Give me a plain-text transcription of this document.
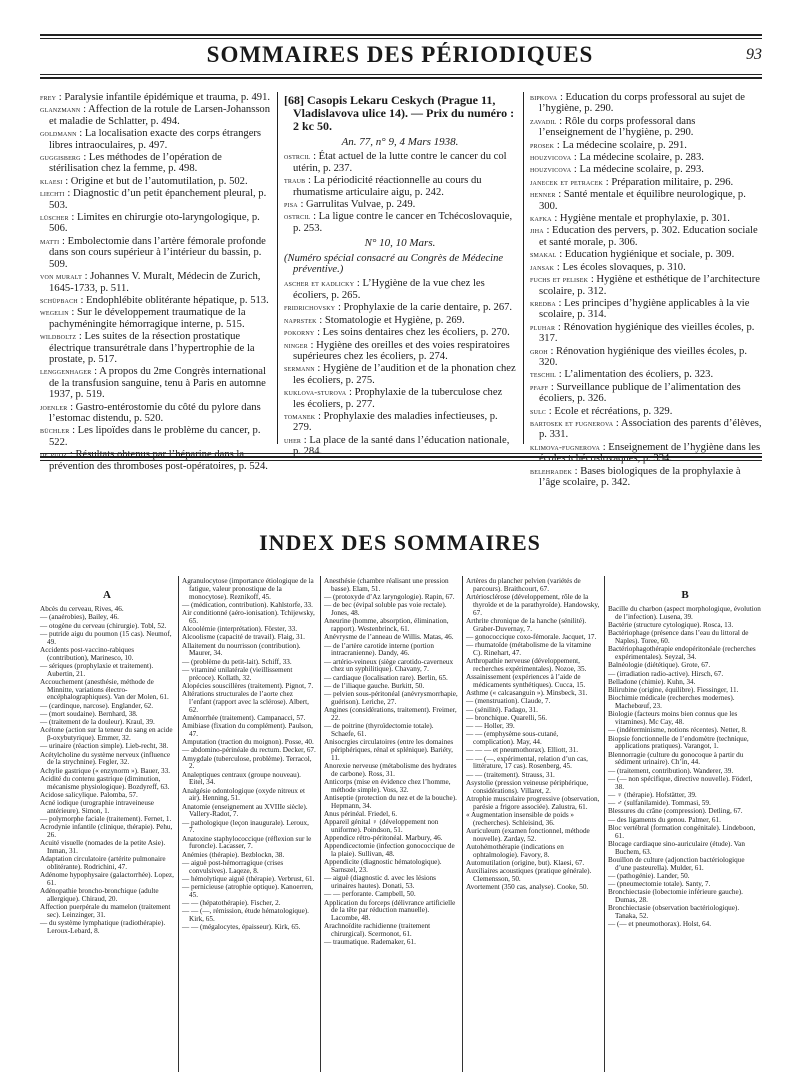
SOMMAIRES DES PÉRIODIQUES	93

frey : Paralysie infantile épidémique et trauma, p. 491.

glanzmann : Affection de la rotule de Larsen-Johansson et maladie de Schlatter, p. 494.

goldmann : La localisation exacte des corps étrangers libres intraoculaires, p. 497.

guggisberg : Les méthodes de l’opération de stérilisation chez la femme, p. 498.

klaesi : Origine et but de l’automutilation, p. 502.

liechti : Diagnostic d’un petit épanchement pleural, p. 503.

lüscher : Limites en chirurgie oto-laryngologique, p. 506.

matti : Embolectomie dans l’artère fémorale profonde dans son cours supérieur à l’intérieur du bassin, p. 509.

von muralt : Johannes V. Muralt, Médecin de Zurich, 1645-1733, p. 511.

schüpbach : Endophlébite oblitérante hépatique, p. 513.

wegelin : Sur le développement traumatique de la pachyméningite hémorragique interne, p. 515.

wildboltz : Les suites de la résection prostatique électrique transurétrale dans l’hypertrophie de la prostate, p. 517.

lenggenhager : A propos du 2me Congrès international de la transfusion sanguine, tenu à Paris en automne 1937, p. 519.

joenler : Gastro-entérostomie du côté du pylore dans l’estomac distendu, p. 520.

büchler : Les lipoïdes dans le problème du cancer, p. 522.

de puoz : Résultats obtenus par l’héparine dans la prévention des thromboses post-opératoires, p. 524.

[68] Casopis Lekaru Ceskych (Prague 11, Vladislavova ulice 14). — Prix du numéro : 2 kc 50.
An. 77, n° 9, 4 Mars 1938.

ostrcil : État actuel de la lutte contre le cancer du col utérin, p. 237.

traub : La périodicité réactionnelle au cours du rhumatisme articulaire aigu, p. 242.

pisa : Garrulitas Vulvae, p. 249.

ostrcil : La ligue contre le cancer en Tchécoslovaquie, p. 253.

N° 10, 10 Mars.
(Numéro spécial consacré au Congrès de Médecine préventive.)

ascher et kadlicky : L’Hygiène de la vue chez les écoliers, p. 265.

fridrichovsky : Prophylaxie de la carie dentaire, p. 267.

naprstek : Stomatologie et Hygiène, p. 269.

pokorny : Les soins dentaires chez les écoliers, p. 270.

ninger : Hygiène des oreilles et des voies respiratoires supérieures chez les écoliers, p. 274.

sermann : Hygiène de l’audition et de la phonation chez les écoliers, p. 275.

kuklova-sturova : Prophylaxie de la tuberculose chez les écoliers, p. 277.

tomanek : Prophylaxie des maladies infectieuses, p. 279.

uher : La place de la santé dans l’éducation nationale, p. 284.

bipkova : Education du corps professoral au sujet de l’hygiène, p. 290.

zavadil : Rôle du corps professoral dans l’enseignement de l’hygiène, p. 290.

prosek : La médecine scolaire, p. 291.

houzvicova : La médecine scolaire, p. 283.

houzvicova : La médecine scolaire, p. 293.

janecek et petracek : Préparation militaire, p. 296.

henner : Santé mentale et équilibre neurologique, p. 300.

kafka : Hygiène mentale et prophylaxie, p. 301.

jiha : Education des pervers, p. 302. Education sociale et santé morale, p. 306.

smakal : Education hygiénique et sociale, p. 309.

jansak : Les écoles slovaques, p. 310.

fuchs et pelisek : Hygiène et esthétique de l’architecture scolaire, p. 312.

kredba : Les principes d’hygiène applicables à la vie scolaire, p. 314.

pluhar : Rénovation hygiénique des vieilles écoles, p. 317.

groh : Rénovation hygiénique des vieilles écoles, p. 320.

teschil : L’alimentation des écoliers, p. 323.

pfaff : Surveillance publique de l’alimentation des écoliers, p. 326.

sulc : Ecole et récréations, p. 329.

bartosek et fugnerova : Association des parents d’élèves, p. 331.

klimova-fugnerova : Enseignement de l’hygiène dans les écoles tchécoslovaques, p. 334.

belehradek : Bases biologiques de la prophylaxie à l’âge scolaire, p. 342.

INDEX DES SOMMAIRES
A

Abcès du cerveau, Rives, 46.

— (anaérobies), Bailey, 46.

— otogène du cerveau (chirurgie). Tobl, 52.

— putride aigu du poumon (15 cas). Neumof, 49.

Accidents post-vaccino-rabiques (contribution), Marinesco, 10.

— sériques (prophylaxie et traitement). Aubertin, 21.

Accouchement (anesthésie, méthode de Minnitte, variations électro-encéphalographiques). Van der Molen, 61.

— (cardinque, narcose). Englander, 62.

— (mort soudaine). Bernhard, 38.

— (traitement de la douleur). Kraul, 39.

Acétone (action sur la teneur du sang en acide β-oxybutyrique). Emmer, 32.

— urinaire (réaction simple). Lieb-recht, 38.

Acétylcholine du système nerveux (influence de la strychnine). Fegler, 32.

Achylie gastrique (« enzynorm »). Bauer, 33.

Acidité du contenu gastrique (diminution, mécanisme physiologique). Bozdyreff, 63.

Acidose salicylique. Palomba, 57.

Acné iodique (urographie intraveineuse antérieure). Simon, 1.

— polymorphe faciale (traitement). Fernet, 1.

Acrodynie infantile (clinique, thérapie). Pehu, 26.

Acuité visuelle (nomades de la petite Asie). Inman, 31.

Adaptation circulatoire (artérite pulmonaire oblitérante). Rodrichini, 47.

Adénome hypophysaire (galactorrhée). Lopez, 61.

Adénopathie broncho-bronchique (adulte allergique). Chiraud, 20.

Affection puerpérale du mamelon (traitement sec). Leinzinger, 31.

— du système lymphatique (radiothérapie). Leroux-Lebard, 8.

Agranulocytose (importance étiologique de la fatigue, valeur pronostique de la monocytose). Reznikoff, 45.

— (médication, contribution). Kahlstorfe, 33.

Air conditionné (aéro-ionisation). Tchijewsky, 65.

Alcoolémie (interprétation). Förster, 33.

Alcoolisme (capacité de travail). Flaig, 31.

Allaitement du nourrisson (contribution). Maurer, 34.

— (problème du petit-lait). Schiff, 33.

— vitaminé unilatérale (vieillissement précoce). Kollath, 32.

Alopécies souscillères (traitement). Pignot, 7.

Altérations structurales de l’aorte chez l’enfant (rapport avec la sclérose). Albert, 62.

Aménorrhée (traitement). Campanacci, 57.

Amibiase (fixation du complément). Paulson, 47.

Amputation (traction du moignon). Posse, 40.

— abdomino-périnéale du rectum. Decker, 67.

Amygdale (tuberculose, problème). Terracol, 2.

Analeptiques centraux (groupe nouveau). Eitel, 34.

Analgésie odontologique (oxyde nitreux et air). Henning, 51.

Anatomie (enseignement au XVIIIe siècle). Vallery-Radot, 7.

— pathologique (leçon inaugurale). Leroux, 7.

Anatoxine staphylococcique (réflexion sur le furoncle). Lacasser, 7.

Anémies (thérapie). Bezblockn, 38.

— aiguë post-hémorragique (crises convulsives). Laqeze, 8.

— hémolytique aiguë (thérapie). Verbrust, 61.

— pernicieuse (atrophie optique). Kanoerren, 45.

— — (hépatothérapie). Fischer, 2.

— — (—, rémission, étude hématologique). Kirk, 65.

— — (mégalocytes, épaisseur). Kirk, 65.

Anesthésie (chambre réalisant une pression basse). Elam, 51.

— (protoxyde d’Az laryngologie). Rapin, 67.

— de bec (évipal soluble pas voie rectale). Jones, 48.

Aneurine (homme, absorption, élimination, rapport). Westenbrinck, 61.

Anévrysme de l’anneau de Willis. Matas, 46.

— de l’artère carotide interne (portion intracranienne). Dandy, 46.

— artério-veineux (siège carotido-caverneux chez un syphilitique). Chavany, 7.

— cardiaque (localisation rare). Berlin, 65.

— de l’iliaque gauche. Burkitt, 50.

— pelvien sous-péritonéal (anévrysmorrhapie, guérison). Leriche, 27.

Angines (considérations, traitement). Freimer, 22.

— de poitrine (thyroïdectomie totale). Schaefe, 61.

Anisocrgies circulatoires (entre les domaines périphériques, rénal et splénique). Bariéty, 11.

Anorexie nerveuse (métabolisme des hydrates de carbone). Ross, 31.

Anticorps (mise en évidence chez l’homme, méthode simple). Voss, 32.

Antiseptie (protection du nez et de la bouche). Hepmann, 34.

Anus périnéal. Friedel, 6.

Appareil génital ♀ (développement non uniforme). Poindson, 51.

Appendice rétro-péritonéal. Marbury, 46.

Appendicectomie (infection gonococcique de la plaie). Sullivan, 48.

Appendicite (diagnostic hématologique). Sarnszel, 23.

— aiguë (diagnostic d. avec les lésions urinaires hautes). Donati, 53.

— — perforante. Campbell, 50.

Application du forceps (délivrance artificielle de la tête par réduction manuelle). Lacombe, 48.

Arachnoïdite rachidienne (traitement chirurgical). Scermonot, 61.

— traumatique. Rademaker, 61.

Artères du plancher pelvien (variétés de parcours). Braithcourt, 67.

Artériosclérose (développement, rôle de la thyroïde et de la parathyroïde). Handowsky, 67.

Arthrite chronique de la hanche (sénilité). Graber-Duvernay, 7.

— gonococcique coxo-fémorale. Jacquet, 17.

— rhumatoïde (métabolisme de la vitamine C). Rinehart, 47.

Arthropathie nerveuse (développement, recherches expérimentales). Nozoe, 35.

Assainissement (expériences à l’aide de médicaments synthétiques). Cucca, 15.

Asthme (« calcasanguin »). Minsbeck, 31.

— (menstruation). Claude, 7.

— (sénilité). Fadago, 31.

— bronchique. Quarelli, 56.

— — Holler, 39.

— — (emphysème sous-cutané, complication). May, 44.

— — — et pneumothorax). Elliott, 31.

— — (—, expérimental, relation d’un cas, littérature, 17 cas). Rosenberg, 45.

— — (traitement). Strauss, 31.

Asystolie (pression veineuse périphérique, considérations). Villaret, 2.

Atrophie musculaire progressive (observation, parésie a frigore associée). Zalustra, 61.

« Augmentation insensible de poids » (recherches). Schleisind, 36.

Auriculeum (examen fonctionnel, méthode nouvelle). Zarday, 52.

Autohémothérapie (indications en ophtalmologie). Favory, 8.

Automutilation (origine, but). Klaesi, 67.

Auxiliaires acoustiques (pratique générale). Clemensson, 50.

Avortement (350 cas, analyse). Cooke, 50.

B

Bacille du charbon (aspect morphologique, évolution de l’infection). Lusena, 39.

Bactérie (structure cytologique). Rosca, 13.

Bactériophage (présence dans l’eau du littoral de Naples). Toree, 60.

Bactériophagothérapie endopéritonéale (recherches expérimentales). Seyzal, 34.

Balnéologie (diététique). Grote, 67.

— (irradiation radio-active). Hirsch, 67.

Belladone (chimie). Kuhn, 34.

Bilirubine (origine, équilibre). Fiessinger, 11.

Biochimie médicale (recherches modernes). Machebœuf, 23.

Biologie (facteurs moins bien connus que les vitamines). Mc Cay, 48.

— (indéterminisme, notions récentes). Netter, 8.

Biopsie fonctionnelle de l’endomètre (technique, applications pratiques). Varangot, 1.

Blennorragie (culture du gonocoque à partir du sédiment urinaire). Ch’in, 44.

— (traitement, contribution). Wanderer, 39.

— (— non spécifique, directive nouvelle). Föderl, 38.

— ♀ (thérapie). Hofstätter, 39.

— ♂ (sulfanilamide). Tommasi, 59.

Blessures du crâne (compression). Detling, 67.

— des ligaments du genou. Palmer, 61.

Bloc vertébral (formation congénitale). Lindeboon, 61.

Blocage cardiaque sino-auriculaire (étude). Van Buchem, 63.

Bouillon de culture (adjonction bactériologique d’une pasteurella). Mulder, 61.

— (pathogénie). Lander, 50.

— (pneumectomie totale). Santy, 7.

Bronchiectasie (lobectomie inférieure gauche). Dumas, 28.

Bronchiectasie (observation bactériologique). Tanaka, 52.

— (— et pneumothorax). Holst, 64.
